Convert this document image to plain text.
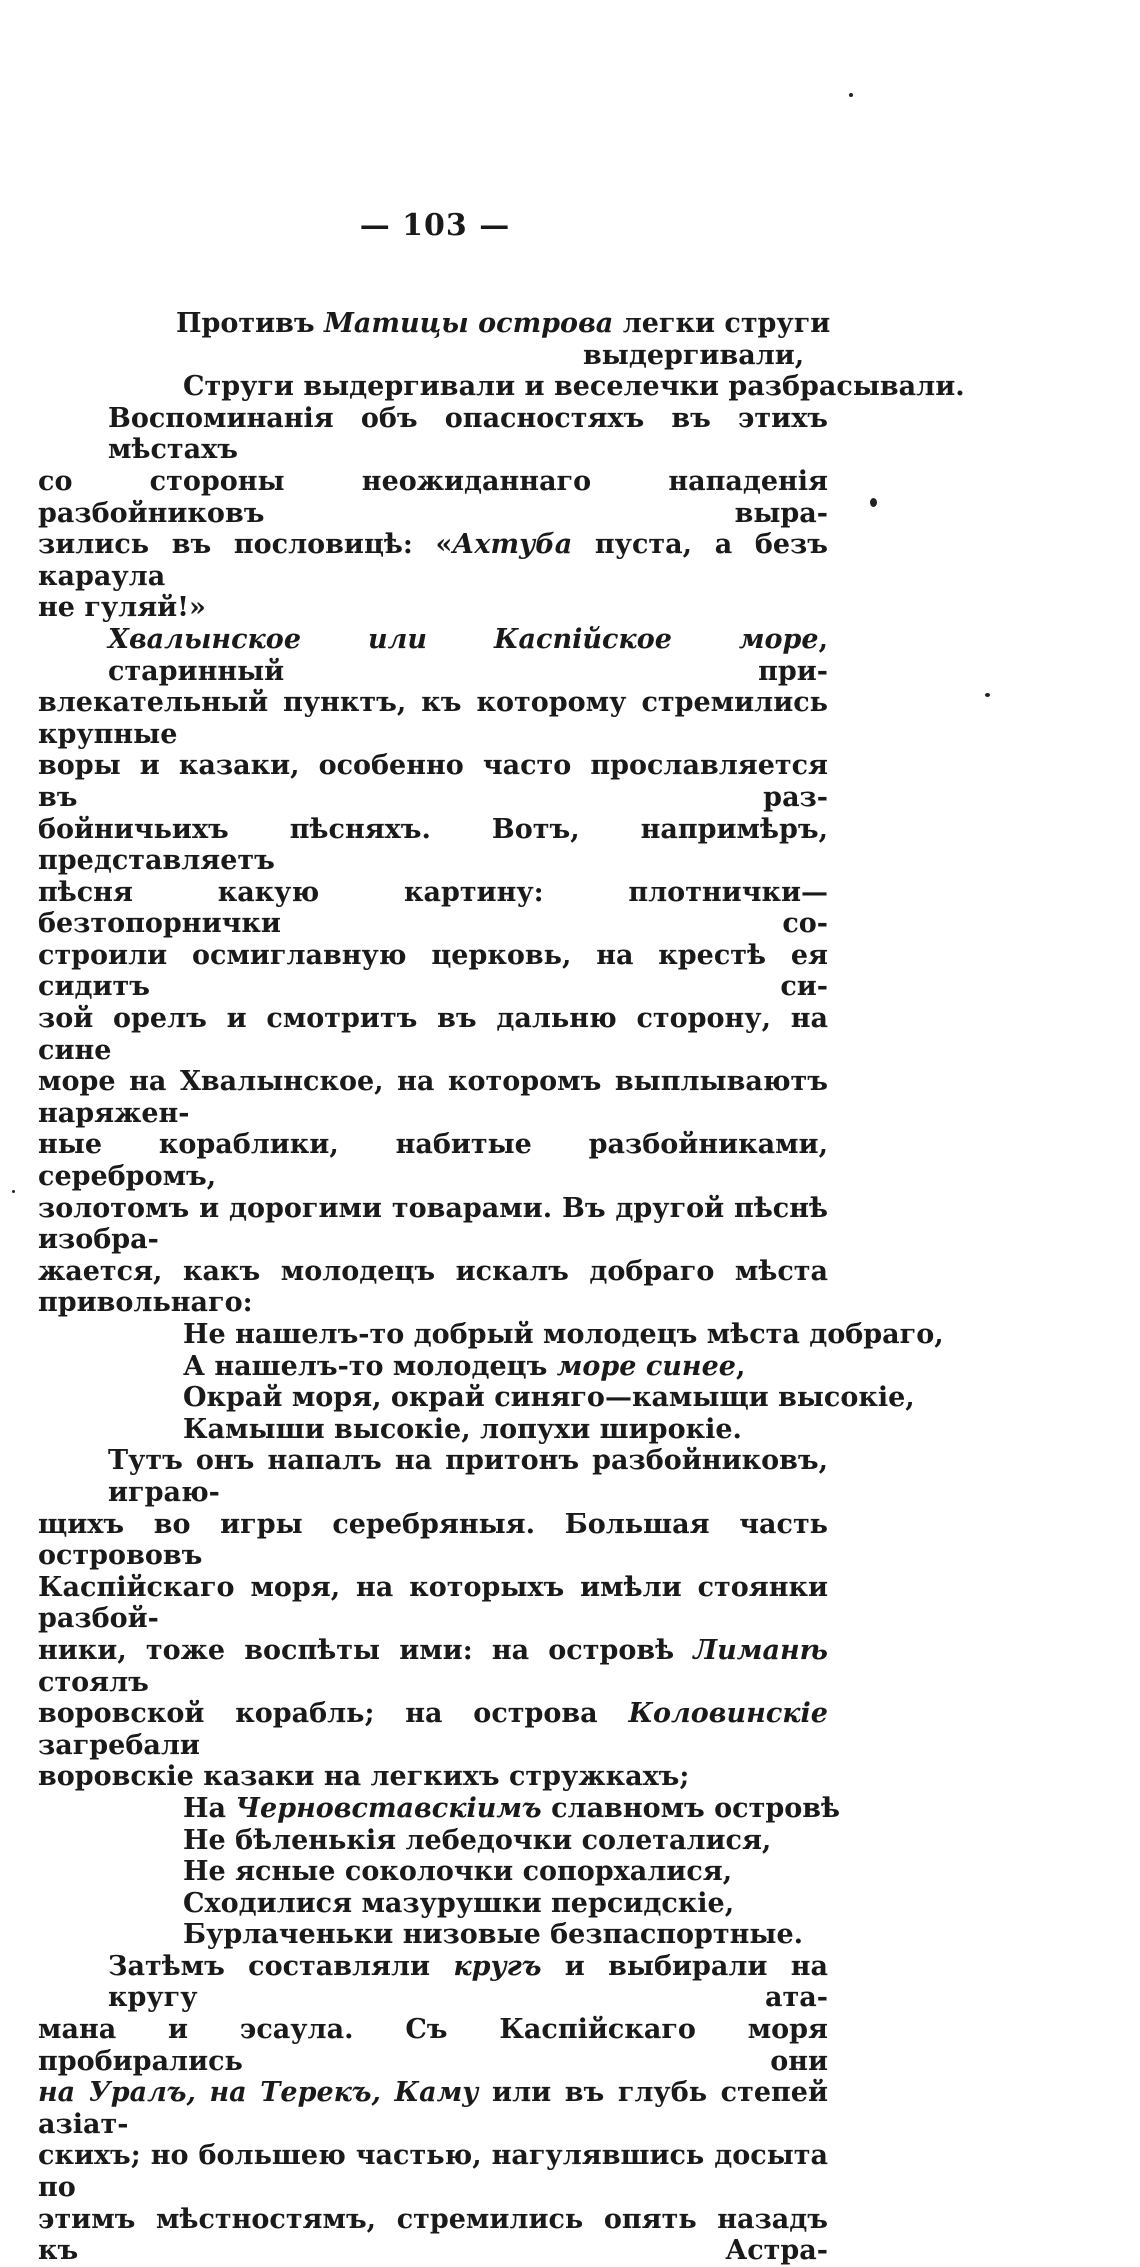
— 103 —
Противъ Матицы острова легки струги
выдергивали,
Струги выдергивали и веселечки разбрасывали.
Воспоминанія объ опасностяхъ въ этихъ мѣстахъ
со стороны неожиданнаго нападенія разбойниковъ выра-
зились въ пословицѣ: «Ахтуба пуста, а безъ караула
не гуляй!»
Хвалынское или Каспійское море, старинный при-
влекательный пунктъ, къ которому стремились крупные
воры и казаки, особенно часто прославляется въ раз-
бойничьихъ пѣсняхъ. Вотъ, напримѣръ, представляетъ
пѣсня какую картину: плотнички—безтопорнички со-
строили осмиглавную церковь, на крестѣ ея сидитъ си-
зой орелъ и смотритъ въ дальню сторону, на сине
море на Хвалынское, на которомъ выплываютъ наряжен-
ные кораблики, набитые разбойниками, серебромъ,
золотомъ и дорогими товарами. Въ другой пѣснѣ изобра-
жается, какъ молодецъ искалъ добраго мѣста привольнаго:
Не нашелъ-то добрый молодецъ мѣста добраго,
А нашелъ-то молодецъ море синее,
Окрай моря, окрай синяго—камыщи высокіе,
Камыши высокіе, лопухи широкіе.
Тутъ онъ напалъ на притонъ разбойниковъ, играю-
щихъ во игры серебряныя. Большая часть острововъ
Каспійскаго моря, на которыхъ имѣли стоянки разбой-
ники, тоже воспѣты ими: на островѣ Лиманѣ стоялъ
воровской корабль; на острова Коловинскіе загребали
воровскіе казаки на легкихъ стружкахъ;
На Черновставскіимъ славномъ островѣ
Не бѣленькія лебедочки солеталися,
Не ясные соколочки сопорхалися,
Сходилися мазурушки персидскіе,
Бурлаченьки низовые безпаспортные.
Затѣмъ составляли кругъ и выбирали на кругу ата-
мана и эсаула. Съ Каспійскаго моря пробирались они
на Уралъ, на Терекъ, Каму или въ глубь степей азіат-
скихъ; но большею частью, нагулявшись досыта по
этимъ мѣстностямъ, стремились опять назадъ къ Астра-
